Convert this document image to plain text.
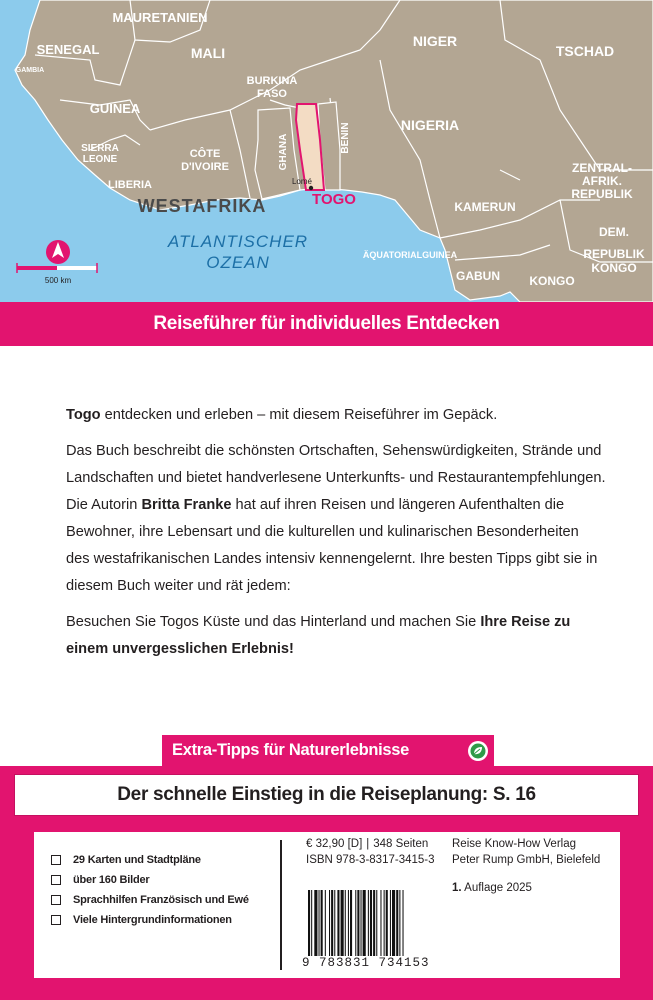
Lomé
MAURETANIEN
SENEGAL
GAMBIA
MALI
NIGER
TSCHAD
GUINEA
BURKINA
FASO
SIERRA
LEONE	CÔTE
D'IVOIRE
LIBERIA
GHANA	BENIN	NIGERIA
ZENTRAL-
AFRIK.
REPUBLIK
KAMERUN
ÄQUATORIALGUINEA
GABUN KONGO
DEM.
REPUBLIK
KONGO
WESTAFRIKA	TOGO
ATLANTISCHER
OZEAN
500 km
Reiseführer für individuelles Entdecken

Togo entdecken und erleben – mit diesem Reiseführer im Gepäck.

Das Buch beschreibt die schönsten Ortschaften, Sehenswürdigkeiten, Strände und Landschaften und bietet handverlesene Unterkunfts- und Restaurantempfehlungen. Die Autorin Britta Franke hat auf ihren Reisen und längeren Aufenthalten die Bewohner, ihre Lebensart und die kulturellen und kulinarischen Besonderheiten des westafrikanischen Landes intensiv kennengelernt. Ihre besten Tipps gibt sie in diesem Buch weiter und rät jedem:

Besuchen Sie Togos Küste und das Hinterland und machen Sie Ihre Reise zu einem unvergesslichen Erlebnis!

Extra-Tipps für Naturerlebnisse
Der schnelle Einstieg in die Reiseplanung: S. 16
29 Karten und Stadtpläne
über 160 Bilder
Sprachhilfen Französisch und Ewé
Viele Hintergrundinformationen
€ 32,90 [D] | 348 Seiten
ISBN 978-3-8317-3415-3
Reise Know-How Verlag
Peter Rump GmbH, Bielefeld
1. Auflage 2025
9 783831 734153
